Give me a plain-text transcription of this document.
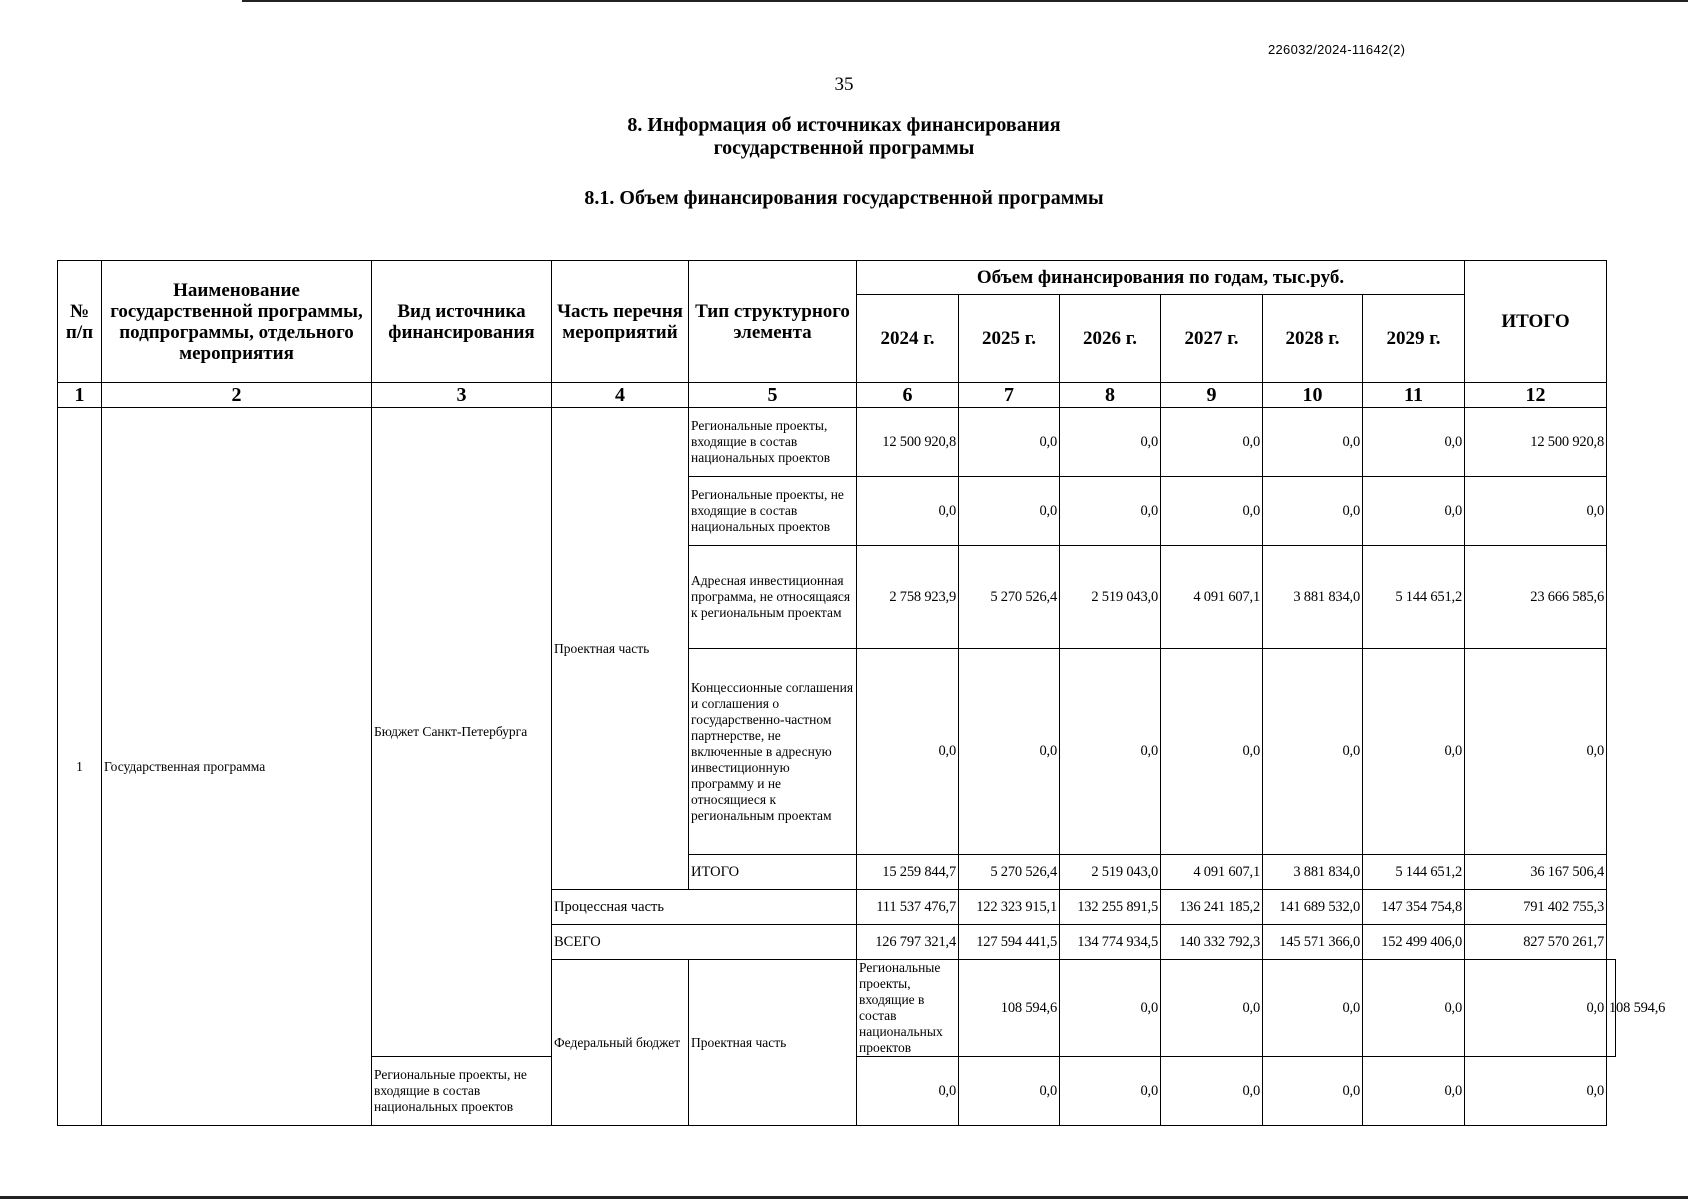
226032/2024-11642(2)
35
8. Информация об источниках финансирования
государственной программы
8.1. Объем финансирования государственной программы
№ п/п	Наименование государственной программы, подпрограммы, отдельного мероприятия	Вид источника финансирования	Часть перечня мероприятий	Тип структурного элемента	Объем финансирования по годам, тыс.руб.						ИТОГО	
					2024 г.	2025 г.	2026 г.	2027 г.	2028 г.	2029 г.		
1	2	3	4	5	6	7	8	9	10	11	12	
1	Государственная программа	Бюджет Санкт-Петербурга	Проектная часть	Региональные проекты, входящие в состав национальных проектов	12 500 920,8	0,0	0,0	0,0	0,0	0,0	12 500 920,8	
				Региональные проекты, не входящие в состав национальных проектов	0,0	0,0	0,0	0,0	0,0	0,0	0,0	
				Адресная инвестиционная программа, не относящаяся к региональным проектам	2 758 923,9	5 270 526,4	2 519 043,0	4 091 607,1	3 881 834,0	5 144 651,2	23 666 585,6	
				Концессионные соглашения и соглашения о государственно-частном партнерстве, не включенные в адресную инвестиционную программу и не относящиеся к региональным проектам	0,0	0,0	0,0	0,0	0,0	0,0	0,0	
				ИТОГО	15 259 844,7	5 270 526,4	2 519 043,0	4 091 607,1	3 881 834,0	5 144 651,2	36 167 506,4	
			Процессная часть		111 537 476,7	122 323 915,1	132 255 891,5	136 241 185,2	141 689 532,0	147 354 754,8	791 402 755,3	
			ВСЕГО		126 797 321,4	127 594 441,5	134 774 934,5	140 332 792,3	145 571 366,0	152 499 406,0	827 570 261,7	
			Федеральный бюджет	Проектная часть	Региональные проекты, входящие в состав национальных проектов	108 594,6	0,0	0,0	0,0	0,0	0,0	108 594,6
		Региональные проекты, не входящие в состав национальных проектов			0,0	0,0	0,0	0,0	0,0	0,0	0,0	
